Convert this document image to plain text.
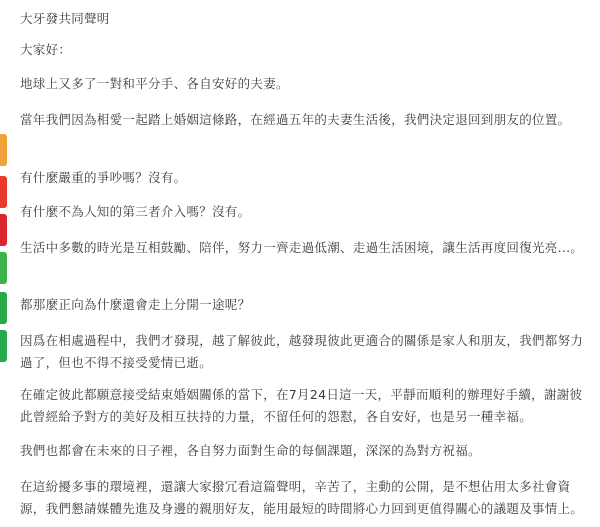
大牙發共同聲明
大家好：
地球上又多了一對和平分手、各自安好的夫妻。
當年我們因為相愛一起踏上婚姻這條路，在經過五年的夫妻生活後，我們決定退回到朋友的位置。
有什麼嚴重的爭吵嗎？沒有。
有什麼不為人知的第三者介入嗎？沒有。
生活中多數的時光是互相鼓勵、陪伴，努力一齊走過低潮、走過生活困境，讓生活再度回復光亮...。
都那麼正向為什麼還會走上分開一途呢？
因爲在相處過程中，我們才發現，越了解彼此，越發現彼此更適合的關係是家人和朋友，我們都努力過了，但也不得不接受愛情已逝。
在確定彼此都願意接受結束婚姻關係的當下，在7月24日這一天，平靜而順利的辦理好手續，謝謝彼此曾經給予對方的美好及相互扶持的力量，不留任何的怨懟，各自安好，也是另一種幸福。
我們也都會在未來的日子裡，各自努力面對生命的每個課題，深深的為對方祝福。
在這紛擾多事的環境裡，還讓大家撥冗看這篇聲明，辛苦了，主動的公開，是不想佔用太多社會資源，我們懇請媒體先進及身邊的親朋好友，能用最短的時間將心力回到更值得關心的議題及事情上。
